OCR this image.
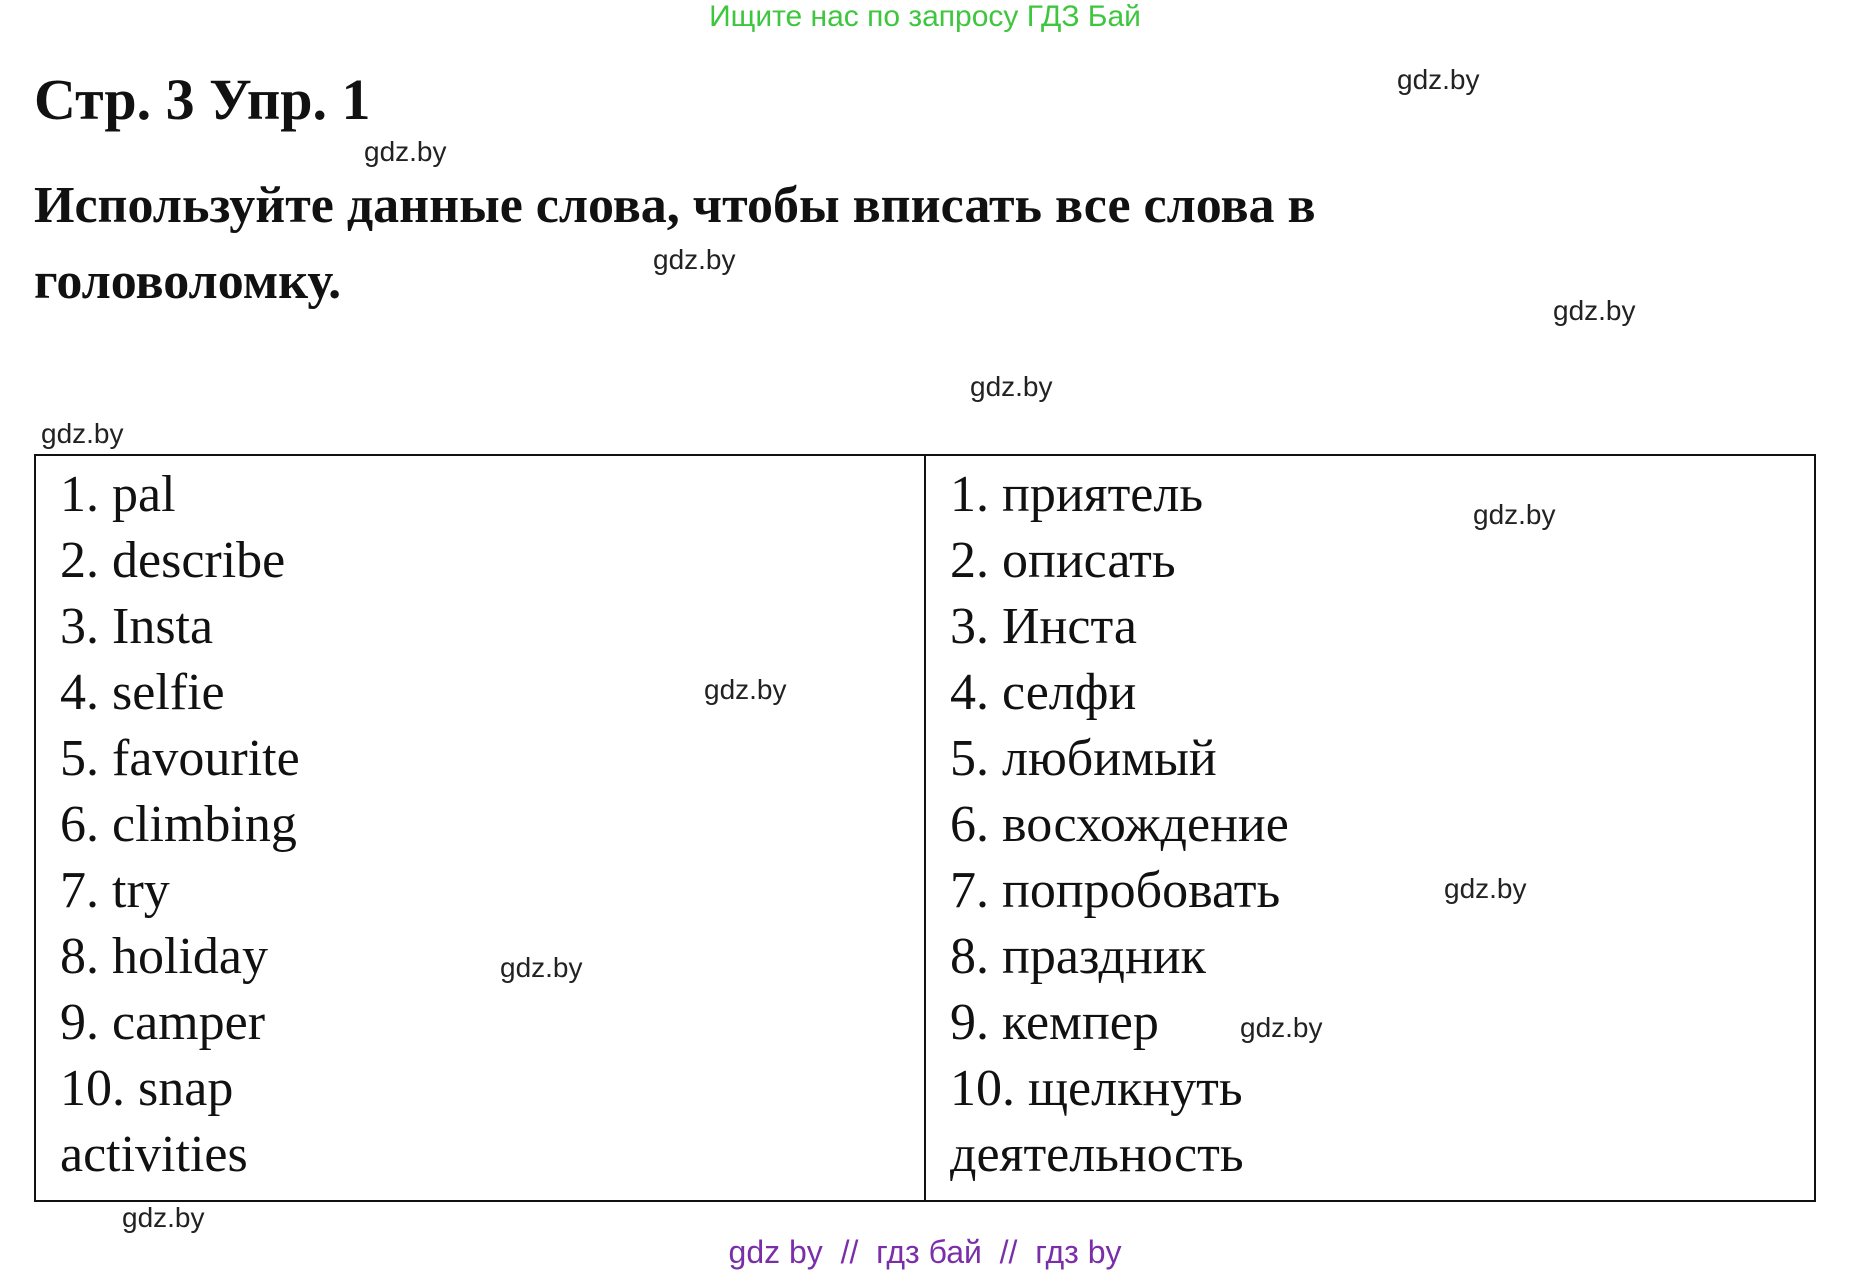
Ищите нас по запросу ГДЗ Бай
Стр. 3 Упр. 1
Используйте данные слова, чтобы вписать все слова в головоломку.
gdz.by
gdz.by
gdz.by
gdz.by
gdz.by
gdz.by
1. pal
2. describe
3. Insta
4. selfie
5. favourite
6. climbing
7. try
8. holiday
9. camper
10. snap
activities
1. приятель
2. описать
3. Инста
4. селфи
5. любимый
6. восхождение
7. попробовать
8. праздник
9. кемпер
10. щелкнуть
деятельность
gdz.by
gdz.by
gdz.by
gdz.by
gdz.by
gdz.by
gdz by  //  гдз бай  //  гдз by
